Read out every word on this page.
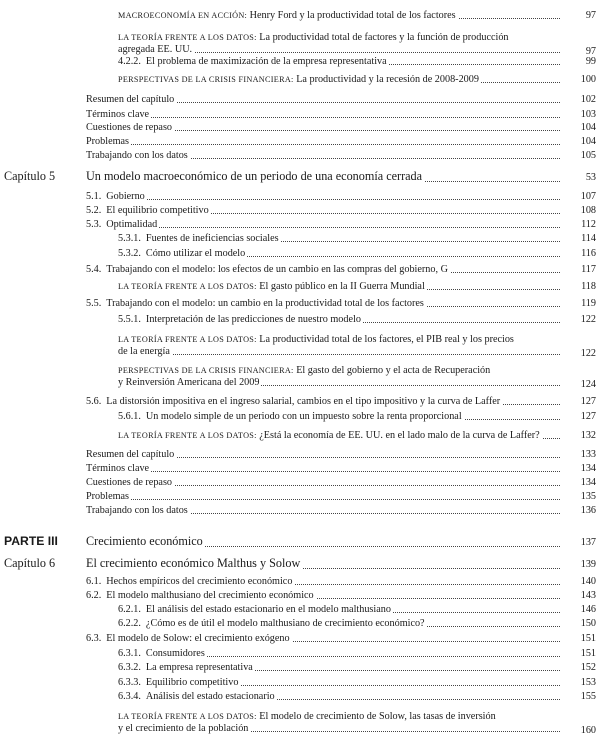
MACROECONOMÍA EN ACCIÓN: Henry Ford y la productividad total de los factores	97
LA TEORÍA FRENTE A LOS DATOS: La productividad total de factores y la función de producción
agregada EE. UU.	97
4.2.2. El problema de maximización de la empresa representativa	99
PERSPECTIVAS DE LA CRISIS FINANCIERA: La productividad y la recesión de 2008-2009	100
Resumen del capítulo	102
Términos clave	103
Cuestiones de repaso	104
Problemas	104
Trabajando con los datos	105
Capítulo 5	Un modelo macroeconómico de un periodo de una economía cerrada	53
5.1. Gobierno	107
5.2. El equilibrio competitivo	108
5.3. Optimalidad	112
5.3.1. Fuentes de ineficiencias sociales	114
5.3.2. Cómo utilizar el modelo	116
5.4. Trabajando con el modelo: los efectos de un cambio en las compras del gobierno, G	117
LA TEORÍA FRENTE A LOS DATOS: El gasto público en la II Guerra Mundial	118
5.5. Trabajando con el modelo: un cambio en la productividad total de los factores	119
5.5.1. Interpretación de las predicciones de nuestro modelo	122
LA TEORÍA FRENTE A LOS DATOS: La productividad total de los factores, el PIB real y los precios
de la energía	122
PERSPECTIVAS DE LA CRISIS FINANCIERA: El gasto del gobierno y el acta de Recuperación
y Reinversión Americana del 2009	124
5.6. La distorsión impositiva en el ingreso salarial, cambios en el tipo impositivo y la curva de Laffer	127
5.6.1. Un modelo simple de un periodo con un impuesto sobre la renta proporcional	127
LA TEORÍA FRENTE A LOS DATOS: ¿Está la economía de EE. UU. en el lado malo de la curva de Laffer?	132
Resumen del capítulo	133
Términos clave	134
Cuestiones de repaso	134
Problemas	135
Trabajando con los datos	136
PARTE III Crecimiento económico	137
Capítulo 6	El crecimiento económico Malthus y Solow	139
6.1. Hechos empíricos del crecimiento económico	140
6.2. El modelo malthusiano del crecimiento económico	143
6.2.1. El análisis del estado estacionario en el modelo malthusiano	146
6.2.2. ¿Cómo es de útil el modelo malthusiano de crecimiento económico?	150
6.3. El modelo de Solow: el crecimiento exógeno	151
6.3.1. Consumidores	151
6.3.2. La empresa representativa	152
6.3.3. Equilibrio competitivo	153
6.3.4. Análisis del estado estacionario	155
LA TEORÍA FRENTE A LOS DATOS: El modelo de crecimiento de Solow, las tasas de inversión
y el crecimiento de la población	160
